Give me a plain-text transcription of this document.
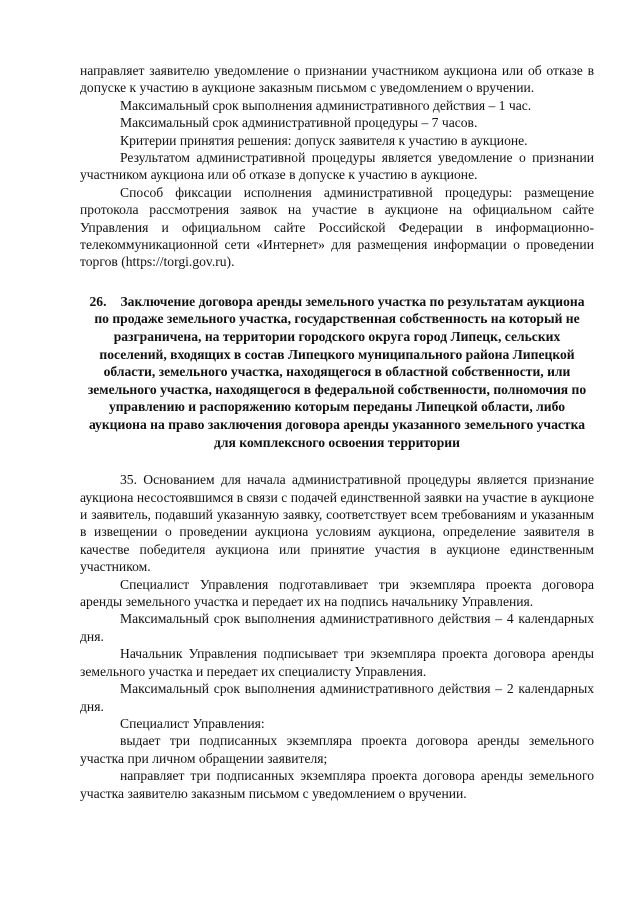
направляет заявителю уведомление о признании участником аукциона или об отказе в допуске к участию в аукционе заказным письмом с уведомлением о вручении.

Максимальный срок выполнения административного действия – 1 час.

Максимальный срок административной процедуры – 7 часов.

Критерии принятия решения: допуск заявителя к участию в аукционе.

Результатом административной процедуры является уведомление о признании участником аукциона или об отказе в допуске к участию в аукционе.

Способ фиксации исполнения административной процедуры: размещение протокола рассмотрения заявок на участие в аукционе на официальном сайте Управления и официальном сайте Российской Федерации в информационно-телекоммуникационной сети «Интернет» для размещения информации о проведении торгов (https://torgi.gov.ru).

26. Заключение договора аренды земельного участка по результатам аукциона по продаже земельного участка, государственная собственность на который не разграничена, на территории городского округа город Липецк, сельских поселений, входящих в состав Липецкого муниципального района Липецкой области, земельного участка, находящегося в областной собственности, или земельного участка, находящегося в федеральной собственности, полномочия по управлению и распоряжению которым переданы Липецкой области, либо аукциона на право заключения договора аренды указанного земельного участка для комплексного освоения территории

35. Основанием для начала административной процедуры является признание аукциона несостоявшимся в связи с подачей единственной заявки на участие в аукционе и заявитель, подавший указанную заявку, соответствует всем требованиям и указанным в извещении о проведении аукциона условиям аукциона, определение заявителя в качестве победителя аукциона или принятие участия в аукционе единственным участником.

Специалист Управления подготавливает три экземпляра проекта договора аренды земельного участка и передает их на подпись начальнику Управления.

Максимальный срок выполнения административного действия – 4 календарных дня.

Начальник Управления подписывает три экземпляра проекта договора аренды земельного участка и передает их специалисту Управления.

Максимальный срок выполнения административного действия – 2 календарных дня.

Специалист Управления:

выдает три подписанных экземпляра проекта договора аренды земельного участка при личном обращении заявителя;

направляет три подписанных экземпляра проекта договора аренды земельного участка заявителю заказным письмом с уведомлением о вручении.
